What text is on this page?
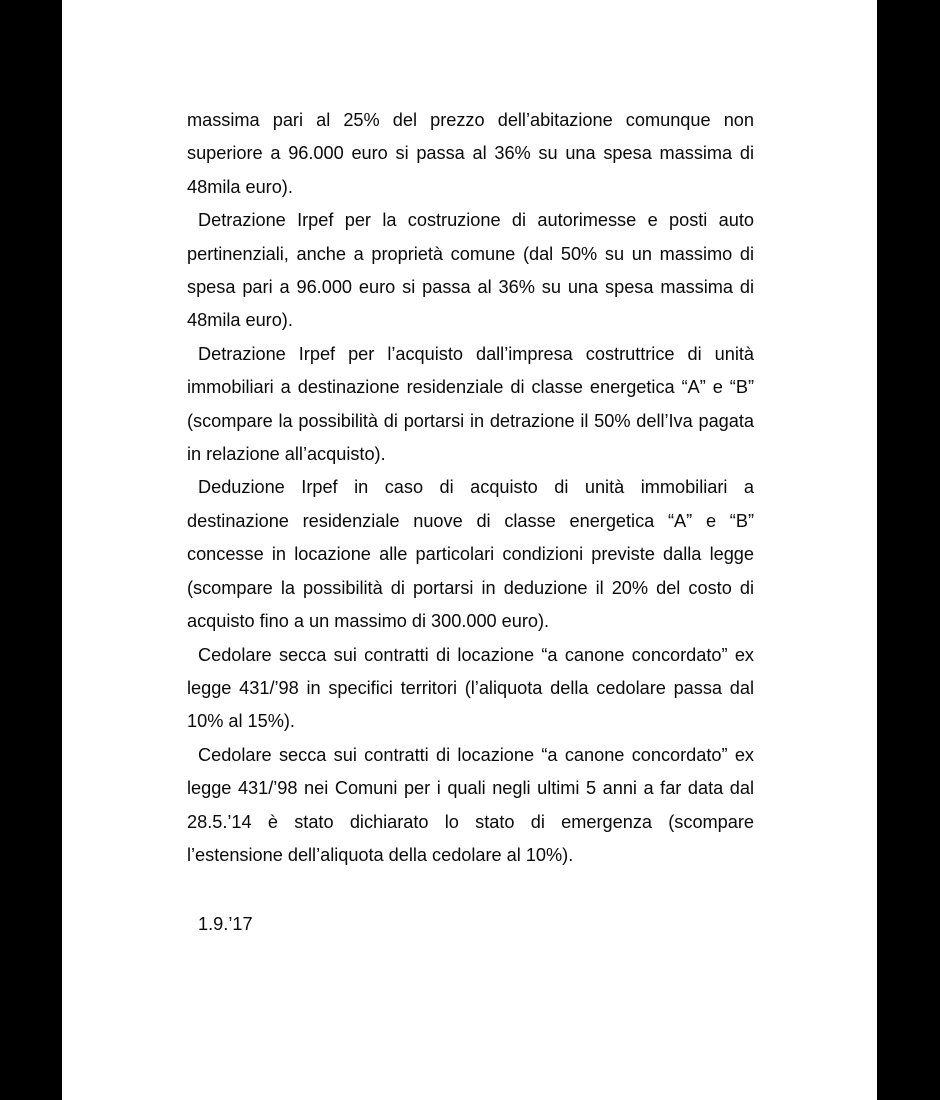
massima pari al 25% del prezzo dell’abitazione comunque non superiore a 96.000 euro si passa al 36% su una spesa massima di 48mila euro).

Detrazione Irpef per la costruzione di autorimesse e posti auto pertinenziali, anche a proprietà comune (dal 50% su un massimo di spesa pari a 96.000 euro si passa al 36% su una spesa massima di 48mila euro).

Detrazione Irpef per l’acquisto dall’impresa costruttrice di unità immobiliari a destinazione residenziale di classe energetica “A” e “B” (scompare la possibilità di portarsi in detrazione il 50% dell’Iva pagata in relazione all’acquisto).

Deduzione Irpef in caso di acquisto di unità immobiliari a destinazione residenziale nuove di classe energetica “A” e “B” concesse in locazione alle particolari condizioni previste dalla legge (scompare la possibilità di portarsi in deduzione il 20% del costo di acquisto fino a un massimo di 300.000 euro).

Cedolare secca sui contratti di locazione “a canone concordato” ex legge 431/’98 in specifici territori (l’aliquota della cedolare passa dal 10% al 15%).

Cedolare secca sui contratti di locazione “a canone concordato” ex legge 431/’98 nei Comuni per i quali negli ultimi 5 anni a far data dal 28.5.’14 è stato dichiarato lo stato di emergenza (scompare l’estensione dell’aliquota della cedolare al 10%).

1.9.’17
